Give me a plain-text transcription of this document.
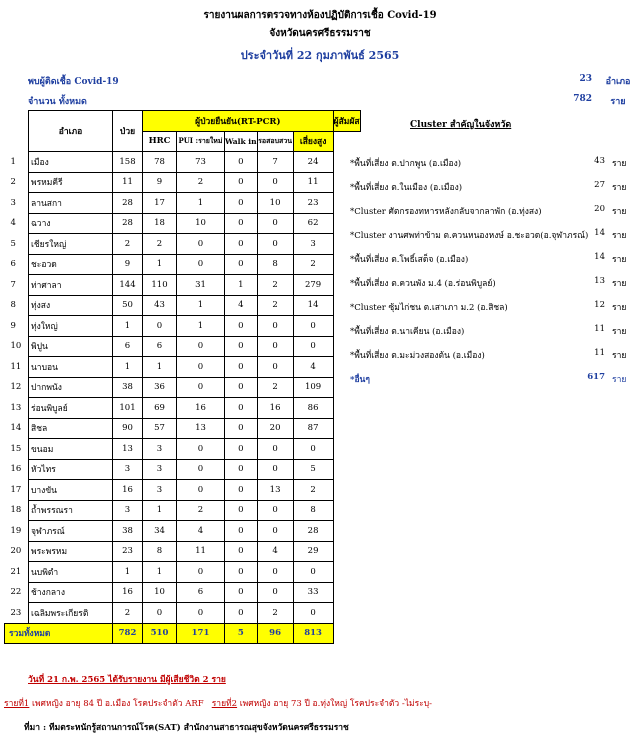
รายงานผลการตรวจทางห้องปฏิบัติการเชื้อ Covid-19
จังหวัดนครศรีธรรมราช
ประจำวันที่ 22 กุมภาพันธ์ 2565
พบผู้ติดเชื้อ Covid-19	23	อำเภอ
จำนวน ทั้งหมด	782	ราย
	อำเภอ	ป่วย	ผู้ป่วยยืนยัน(RT-PCR)					ผู้สัมผัส
			HRC	PUI :รายใหม่	Walk in	รอสอบสวน	เสี่ยงสูง	
1	เมือง	158	78	73	0	7	24	
2	พรหมคีรี	11	9	2	0	0	11	
3	ลานสกา	28	17	1	0	10	23	
4	ฉวาง	28	18	10	0	0	62	
5	เชียรใหญ่	2	2	0	0	0	3	
6	ชะอวด	9	1	0	0	8	2	
7	ท่าศาลา	144	110	31	1	2	279	
8	ทุ่งสง	50	43	1	4	2	14	
9	ทุ่งใหญ่	1	0	1	0	0	0	
10	พิปูน	6	6	0	0	0	0	
11	นาบอน	1	1	0	0	0	4	
12	ปากพนัง	38	36	0	0	2	109	
13	ร่อนพิบูลย์	101	69	16	0	16	86	
14	สิชล	90	57	13	0	20	87	
15	ขนอม	13	3	0	0	0	0	
16	หัวไทร	3	3	0	0	0	5	
17	บางขัน	16	3	0	0	13	2	
18	ถ้ำพรรณรา	3	1	2	0	0	8	
19	จุฬาภรณ์	38	34	4	0	0	28	
20	พระพรหม	23	8	11	0	4	29	
21	นบพิตำ	1	1	0	0	0	0	
22	ช้างกลาง	16	10	6	0	0	33	
23	เฉลิมพระเกียรติ	2	0	0	0	2	0	
รวมทั้งหมด		782	510	171	5	96	813	
Cluster สำคัญในจังหวัด
*พื้นที่เสี่ยง ต.ปากพูน (อ.เมือง)	43 ราย
*พื้นที่เสี่ยง ต.ในเมือง (อ.เมือง)	27 ราย
*Cluster ศัตกรองทหารหลังกลับจากลาพัก (อ.ทุ่งสง)	20 ราย
*Cluster งานศพท่าข้าม ต.ควนหนองหงษ์ อ.ชะอวด(อ.จุฬาภรณ์) 14 ราย
*พื้นที่เสี่ยง ต.โพธิ์เสด็จ (อ.เมือง)	14 ราย
*พื้นที่เสี่ยง ต.ควนพัง ม.4 (อ.ร่อนพิบูลย์)	13 ราย
*Cluster ซุ้มไก่ชน ต.เสาเภา ม.2 (อ.สิชล)	12 ราย
*พื้นที่เสี่ยง ต.นาเคียน (อ.เมือง)	11 ราย
*พื้นที่เสี่ยง ต.มะม่วงสองต้น (อ.เมือง)	11 ราย
*อื่นๆ	617 ราย
วันที่ 21 ก.พ. 2565 ได้รับรายงาน มีผู้เสียชีวิต 2 ราย
รายที่1 เพศหญิง อายุ 84 ปี อ.เมือง โรคประจำตัว ARF รายที่2 เพศหญิง อายุ 73 ปี อ.ทุ่งใหญ่ โรคประจำตัว -ไม่ระบุ-
ที่มา : ทีมตระหนักรู้สถานการณ์โรค(SAT) สำนักงานสาธารณสุขจังหวัดนครศรีธรรมราช
